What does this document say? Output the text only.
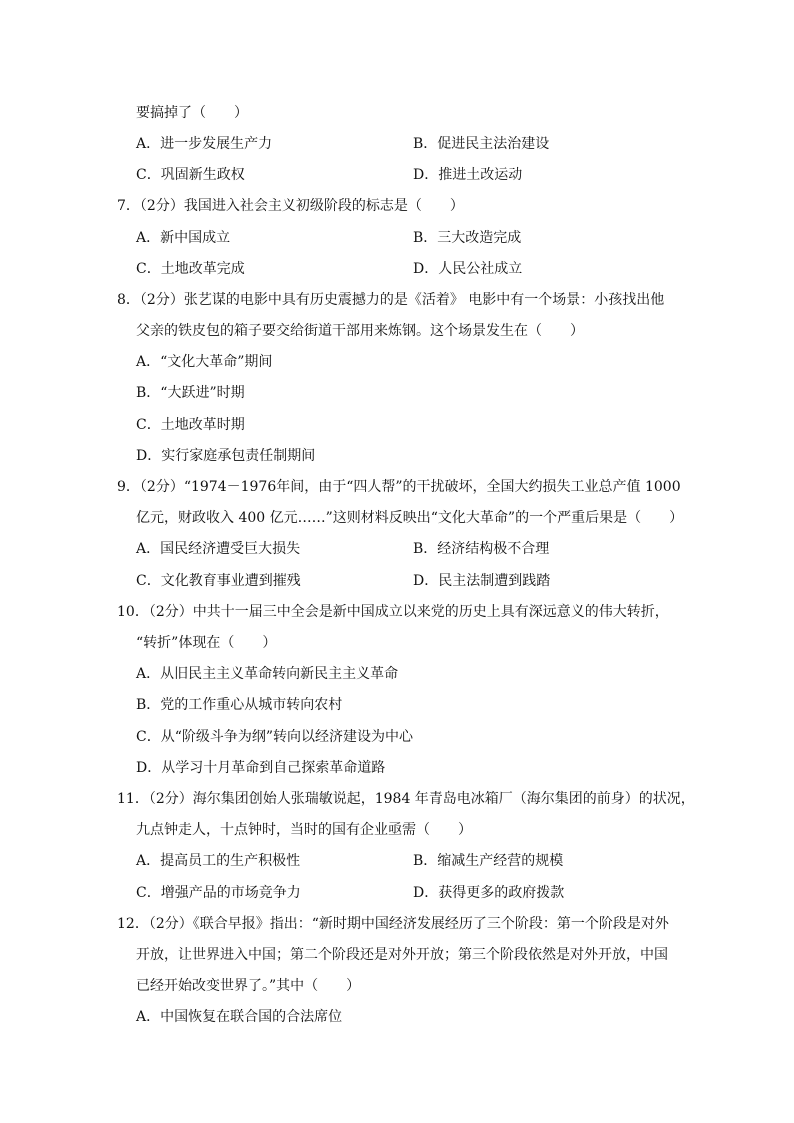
要搞掉了（　　）
A．进一步发展生产力	B．促进民主法治建设
C．巩固新生政权	D．推进土改运动
7．（2分）我国进入社会主义初级阶段的标志是（　　）
A．新中国成立	B．三大改造完成
C．土地改革完成	D．人民公社成立
8．（2分）张艺谋的电影中具有历史震撼力的是《活着》 电影中有一个场景：小孩找出他
父亲的铁皮包的箱子要交给街道干部用来炼钢。这个场景发生在（　　）
A．“文化大革命”期间
B．“大跃进”时期
C．土地改革时期
D．实行家庭承包责任制期间
9．（2分）“1974－1976年间，由于“四人帮”的干扰破坏，全国大约损失工业总产值 1000
亿元，财政收入 400 亿元……”这则材料反映出“文化大革命”的一个严重后果是（　　）
A．国民经济遭受巨大损失	B．经济结构极不合理
C．文化教育事业遭到摧残	D．民主法制遭到践踏
10．（2分）中共十一届三中全会是新中国成立以来党的历史上具有深远意义的伟大转折，
“转折”体现在（　　）
A．从旧民主主义革命转向新民主主义革命
B．党的工作重心从城市转向农村
C．从“阶级斗争为纲”转向以经济建设为中心
D．从学习十月革命到自己探索革命道路
11．（2分）海尔集团创始人张瑞敏说起，1984 年青岛电冰箱厂（海尔集团的前身）的状况，
九点钟走人，十点钟时，当时的国有企业亟需（　　）
A．提高员工的生产积极性	B．缩减生产经营的规模
C．增强产品的市场竞争力	D．获得更多的政府拨款
12．（2分）《联合早报》指出：“新时期中国经济发展经历了三个阶段：第一个阶段是对外
开放，让世界进入中国；第二个阶段还是对外开放；第三个阶段依然是对外开放，中国
已经开始改变世界了。”其中（　　）
A．中国恢复在联合国的合法席位
